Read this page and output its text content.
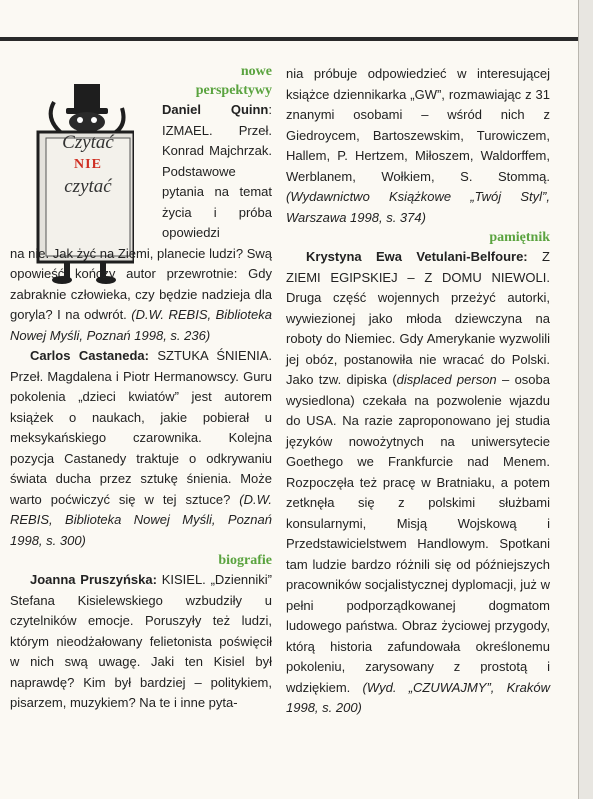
Czytać
NIE
czytać
nowe
perspektywy

Daniel Quinn: IZMAEL. Przeł. Konrad Majchrzak. Podstawowe pytania na temat życia i próba opowiedzi

na nie. Jak żyć na Ziemi, planecie ludzi? Swą opowieść kończy autor przewrotnie: Gdy zabraknie człowieka, czy będzie nadzieja dla goryla? I na odwrót. (D.W. REBIS, Biblioteka Nowej Myśli, Poznań 1998, s. 236)

Carlos Castaneda: SZTUKA ŚNIENIA. Przeł. Magdalena i Piotr Hermanowscy. Guru pokolenia „dzieci kwiatów” jest autorem książek o naukach, jakie pobierał u meksykańskiego czarownika. Kolejna pozycja Castanedy traktuje o odkrywaniu świata ducha przez sztukę śnienia. Może warto poćwiczyć się w tej sztuce? (D.W. REBIS, Biblioteka Nowej Myśli, Poznań 1998, s. 300)

biografie

Joanna Pruszyńska: KISIEL. „Dzienniki” Stefana Kisielewskiego wzbudziły u czytelników emocje. Poruszyły też ludzi, którym nieodżałowany felietonista poświęcił w nich swą uwagę. Jaki ten Kisiel był naprawdę? Kim był bardziej – politykiem, pisarzem, muzykiem? Na te i inne pyta-

nia próbuje odpowiedzieć w interesującej książce dziennikarka „GW”, rozmawiając z 31 znanymi osobami – wśród nich z Giedroycem, Bartoszewskim, Turowiczem, Hallem, P. Hertzem, Miłoszem, Waldorffem, Werblanem, Wołkiem, S. Stommą. (Wydawnictwo Książkowe „Twój Styl”, Warszawa 1998, s. 374)

pamiętnik

Krystyna Ewa Vetulani-Belfoure: Z ZIEMI EGIPSKIEJ – Z DOMU NIEWOLI. Druga część wojennych przeżyć autorki, wywiezionej jako młoda dziewczyna na roboty do Niemiec. Gdy Amerykanie wyzwolili jej obóz, postanowiła nie wracać do Polski. Jako tzw. dipiska (displaced person – osoba wysiedlona) czekała na pozwolenie wjazdu do USA. Na razie zaproponowano jej studia języków nowożytnych na uniwersytecie Goethego we Frankfurcie nad Menem. Rozpoczęła też pracę w Bratniaku, a potem zetknęła się z polskimi służbami konsularnymi, Misją Wojskową i Przedstawicielstwem Handlowym. Spotkani tam ludzie bardzo różnili się od późniejszych pracowników socjalistycznej dyplomacji, już w pełni podporządkowanej dogmatom ludowego państwa. Obraz życiowej przygody, którą historia zafundowała określonemu pokoleniu, zarysowany z prostotą i wdziękiem. (Wyd. „CZUWAJMY”, Kraków 1998, s. 200)
